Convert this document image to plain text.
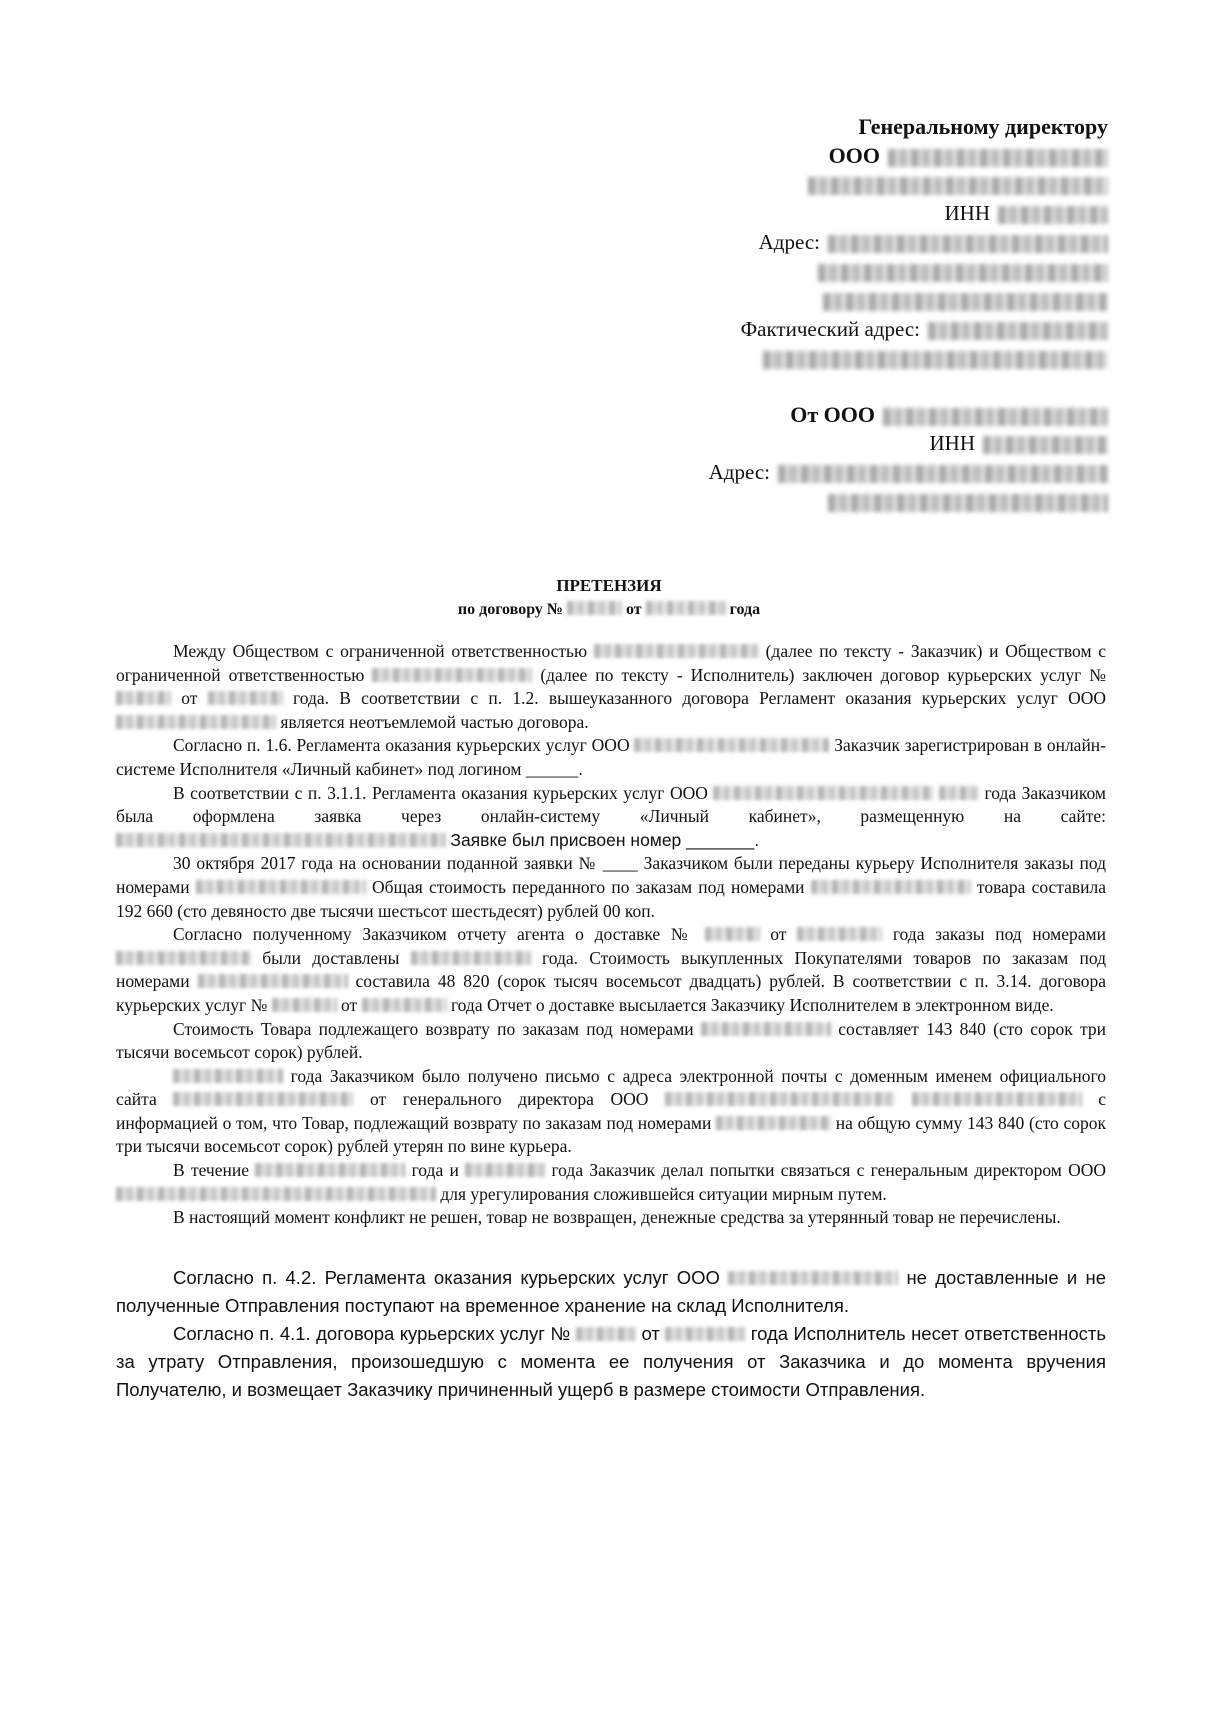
Генеральному директору
ООО
ИНН
Адрес:
Фактический адрес:
От ООО
ИНН
Адрес:
ПРЕТЕНЗИЯ
по договору №	от	года

Между Обществом с ограниченной ответственностью	(далее по тексту - Заказчик) и Обществом с ограниченной ответственностью	(далее по тексту - Исполнитель) заключен договор курьерских услуг №  от	года. В соответствии с п. 1.2. вышеуказанного договора Регламент оказания курьерских услуг ООО  является неотъемлемой частью договора.

Согласно п. 1.6. Регламента оказания курьерских услуг ООО	Заказчик зарегистрирован в онлайн-системе Исполнителя «Личный кабинет» под логином ______.

В соответствии с п. 3.1.1. Регламента оказания курьерских услуг ООО	года Заказчиком была оформлена заявка через онлайн-систему «Личный кабинет», размещенную на сайте:  Заявке был присвоен номер _______.

30 октября 2017 года на основании поданной заявки № ____ Заказчиком были переданы курьеру Исполнителя заказы под номерами	Общая стоимость переданного по заказам под номерами	товара составила 192 660 (сто девяносто две тысячи шестьсот шестьдесят) рублей 00 коп.

Согласно полученному Заказчиком отчету агента о доставке №	от	года заказы под номерами  были доставлены	года. Стоимость выкупленных Покупателями товаров по заказам под номерами	составила 48 820 (сорок тысяч восемьсот двадцать) рублей. В соответствии с п. 3.14. договора курьерских услуг №	от	года Отчет о доставке высылается Заказчику Исполнителем в электронном виде.

Стоимость Товара подлежащего возврату по заказам под номерами	составляет 143 840 (сто сорок три тысячи восемьсот сорок) рублей.

года Заказчиком было получено письмо с адреса электронной почты с доменным именем официального сайта	от генерального директора ООО	с информацией о том, что Товар, подлежащий возврату по заказам под номерами	на общую сумму 143 840 (сто сорок три тысячи восемьсот сорок) рублей утерян по вине курьера.

В течение	года и	года Заказчик делал попытки связаться с генеральным директором ООО  для урегулирования сложившейся ситуации мирным путем.

В настоящий момент конфликт не решен, товар не возвращен, денежные средства за утерянный товар не перечислены.

Согласно п. 4.2. Регламента оказания курьерских услуг ООО	не доставленные и не полученные Отправления поступают на временное хранение на склад Исполнителя.

Согласно п. 4.1. договора курьерских услуг №	от	года Исполнитель несет ответственность за утрату Отправления, произошедшую с момента ее получения от Заказчика и до момента вручения Получателю, и возмещает Заказчику причиненный ущерб в размере стоимости Отправления.
